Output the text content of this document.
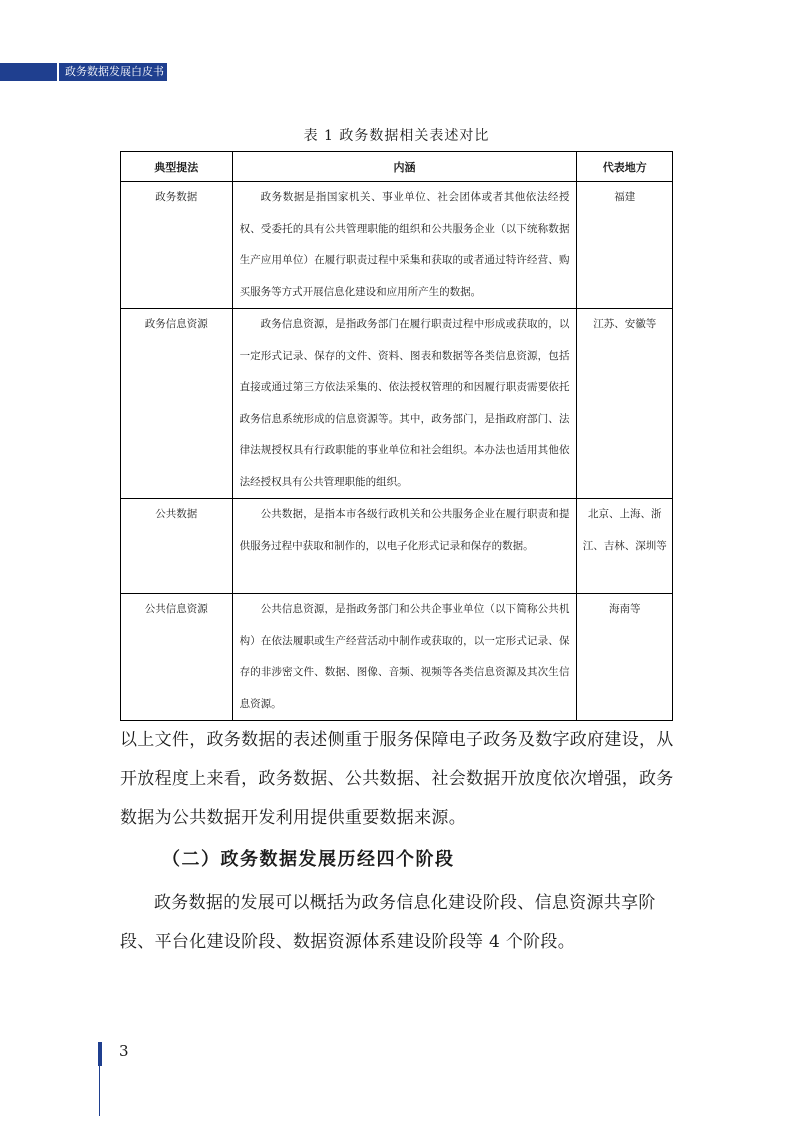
政务数据发展白皮书
表 1 政务数据相关表述对比
典型提法	内涵	代表地方
政务数据	政务数据是指国家机关、事业单位、社会团体或者其他依法经授权、受委托的具有公共管理职能的组织和公共服务企业（以下统称数据生产应用单位）在履行职责过程中采集和获取的或者通过特许经营、购买服务等方式开展信息化建设和应用所产生的数据。	福建
政务信息资源	政务信息资源，是指政务部门在履行职责过程中形成或获取的，以一定形式记录、保存的文件、资料、图表和数据等各类信息资源，包括直接或通过第三方依法采集的、依法授权管理的和因履行职责需要依托政务信息系统形成的信息资源等。其中，政务部门，是指政府部门、法律法规授权具有行政职能的事业单位和社会组织。本办法也适用其他依法经授权具有公共管理职能的组织。	江苏、安徽等
公共数据	公共数据，是指本市各级行政机关和公共服务企业在履行职责和提供服务过程中获取和制作的，以电子化形式记录和保存的数据。	北京、上海、浙江、吉林、深圳等
公共信息资源	公共信息资源，是指政务部门和公共企事业单位（以下简称公共机构）在依法履职或生产经营活动中制作或获取的，以一定形式记录、保存的非涉密文件、数据、图像、音频、视频等各类信息资源及其次生信息资源。	海南等
以上文件，政务数据的表述侧重于服务保障电子政务及数字政府建设，从开放程度上来看，政务数据、公共数据、社会数据开放度依次增强，政务数据为公共数据开发利用提供重要数据来源。
（二）政务数据发展历经四个阶段
政务数据的发展可以概括为政务信息化建设阶段、信息资源共享阶段、平台化建设阶段、数据资源体系建设阶段等 4 个阶段。
3
